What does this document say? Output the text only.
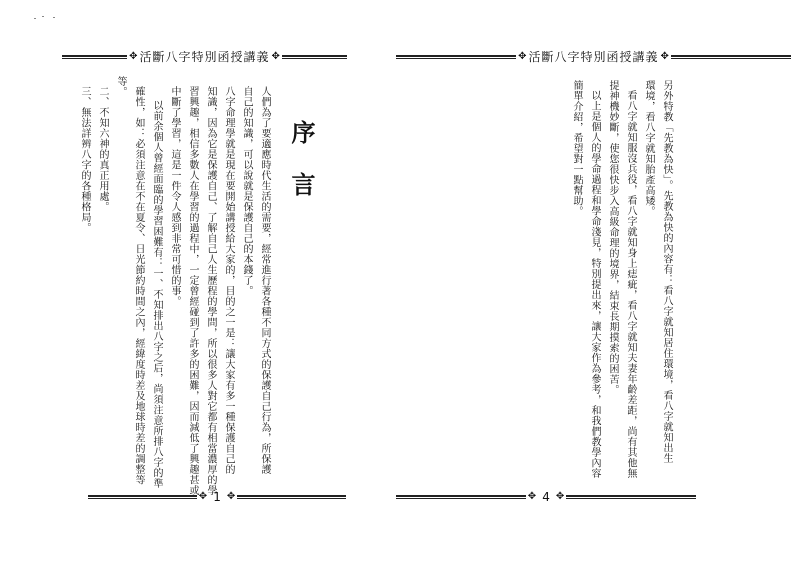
✥ 活斷八字特別函授講義 ✥
序言
人們為了要適應時代生活的需要，經常進行著各種不同方式的保護自己行為，所保護
自己的知識，可以說就是保護自己的本錢了。
八字命理學就是現在要開始講授給大家的，目的之一是：讓大家有多一種保護自己的
知識，因為它是保護自己、了解自己人生歷程的學問，所以很多人對它都有相當濃厚的學
習興趣，相信多數人在學習的過程中，一定曾經碰到了許多的困難，因而減低了興趣甚或
中斷了學習，這是一件令人感到非常可惜的事。
以前余個人曾經面臨的學習困難有：一、不知排出八字之后，尚須注意所排八字的準
確性，如：必須注意在不在夏令、日光節約時間之內，經緯度時差及地球時差的調整等
等。
二、不知六神的真正用處。
三、無法詳辨八字的各種格局。
✥ 1 ✥
✥ 活斷八字特別函授講義 ✥
另外特教「先教為快」。先教為快的內容有：看八字就知居住環境，看八字就知出生
環境，看八字就知胎產高矮。
看八字就知服沒兵役，看八字就知身上痣疵，看八字就知夫妻年齡差距，尚有其他無
提神機妙斷，使您很快步入高級命理的境界，結束長期摸索的困苦。
以上是個人的學命過程和學命淺見，特別提出來，讓大家作為參考，和我們教學內容
簡單介紹，希望對一點幫助。
✥ 4 ✥
